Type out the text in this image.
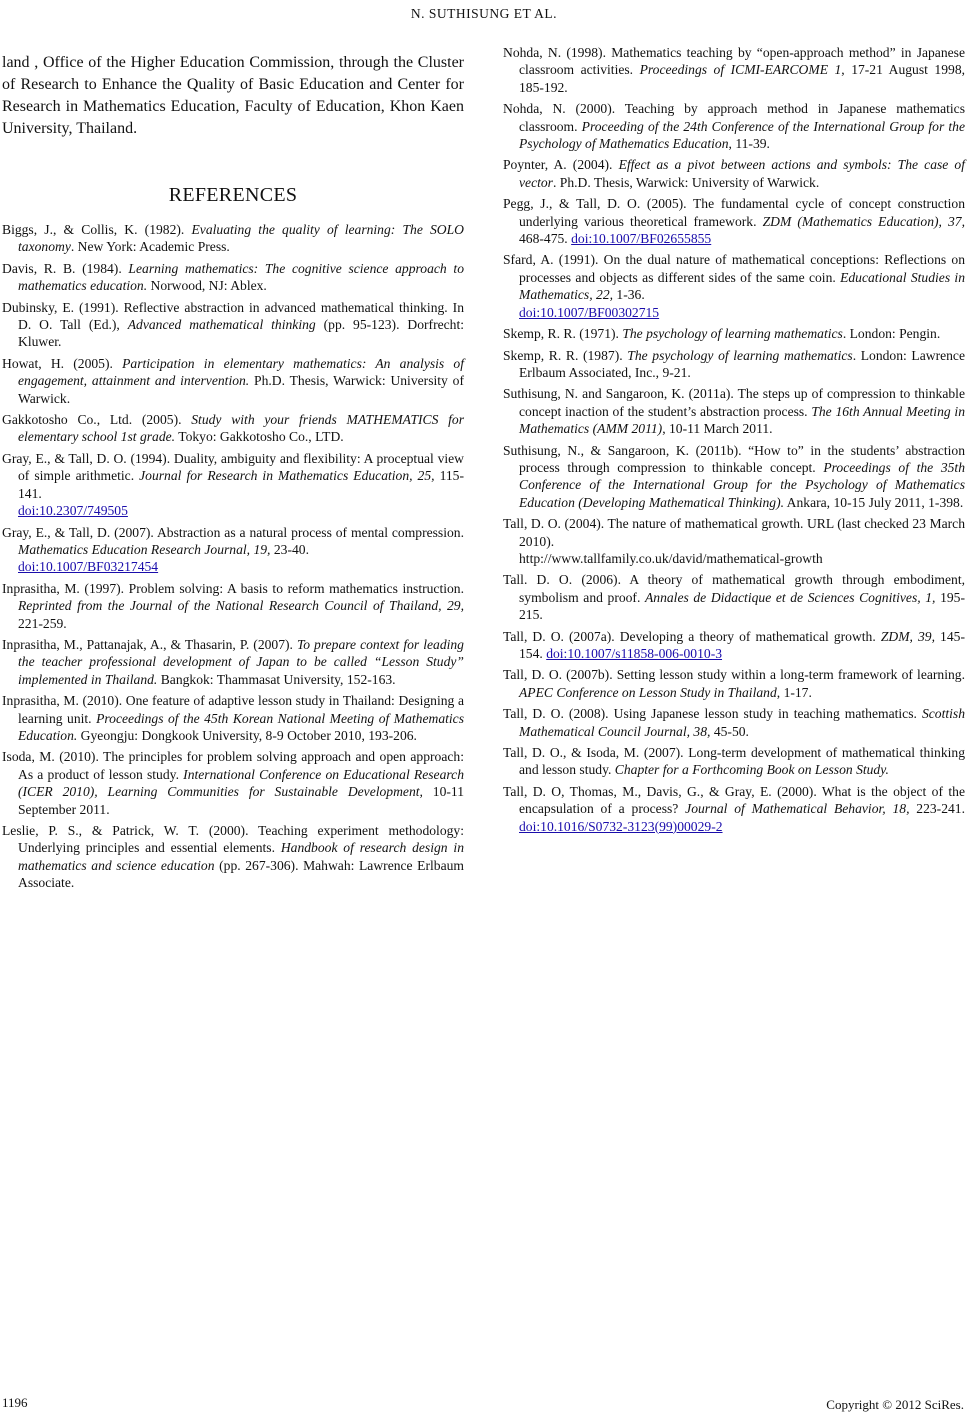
N. SUTHISUNG ET AL.

land , Office of the Higher Education Commission, through the Cluster of Research to Enhance the Quality of Basic Education and Center for Research in Mathematics Education, Faculty of Education, Khon Kaen University, Thailand.

REFERENCES

Biggs, J., & Collis, K. (1982). Evaluating the quality of learning: The SOLO taxonomy. New York: Academic Press.

Davis, R. B. (1984). Learning mathematics: The cognitive science approach to mathematics education. Norwood, NJ: Ablex.

Dubinsky, E. (1991). Reflective abstraction in advanced mathematical thinking. In D. O. Tall (Ed.), Advanced mathematical thinking (pp. 95-123). Dorfrecht: Kluwer.

Howat, H. (2005). Participation in elementary mathematics: An analysis of engagement, attainment and intervention. Ph.D. Thesis, Warwick: University of Warwick.

Gakkotosho Co., Ltd. (2005). Study with your friends MATHEMATICS for elementary school 1st grade. Tokyo: Gakkotosho Co., LTD.

Gray, E., & Tall, D. O. (1994). Duality, ambiguity and flexibility: A proceptual view of simple arithmetic. Journal for Research in Mathematics Education, 25, 115-141.
doi:10.2307/749505

Gray, E., & Tall, D. (2007). Abstraction as a natural process of mental compression. Mathematics Education Research Journal, 19, 23-40.
doi:10.1007/BF03217454

Inprasitha, M. (1997). Problem solving: A basis to reform mathematics instruction. Reprinted from the Journal of the National Research Council of Thailand, 29, 221-259.

Inprasitha, M., Pattanajak, A., & Thasarin, P. (2007). To prepare context for leading the teacher professional development of Japan to be called “Lesson Study” implemented in Thailand. Bangkok: Thammasat University, 152-163.

Inprasitha, M. (2010). One feature of adaptive lesson study in Thailand: Designing a learning unit. Proceedings of the 45th Korean National Meeting of Mathematics Education. Gyeongju: Dongkook University, 8-9 October 2010, 193-206.

Isoda, M. (2010). The principles for problem solving approach and open approach: As a product of lesson study. International Conference on Educational Research (ICER 2010), Learning Communities for Sustainable Development, 10-11 September 2011.

Leslie, P. S., & Patrick, W. T. (2000). Teaching experiment methodology: Underlying principles and essential elements. Handbook of research design in mathematics and science education (pp. 267-306). Mahwah: Lawrence Erlbaum Associate.

Nohda, N. (1998). Mathematics teaching by “open-approach method” in Japanese classroom activities. Proceedings of ICMI-EARCOME 1, 17-21 August 1998, 185-192.

Nohda, N. (2000). Teaching by approach method in Japanese mathematics classroom. Proceeding of the 24th Conference of the International Group for the Psychology of Mathematics Education, 11-39.

Poynter, A. (2004). Effect as a pivot between actions and symbols: The case of vector. Ph.D. Thesis, Warwick: University of Warwick.

Pegg, J., & Tall, D. O. (2005). The fundamental cycle of concept construction underlying various theoretical framework. ZDM (Mathematics Education), 37, 468-475. doi:10.1007/BF02655855

Sfard, A. (1991). On the dual nature of mathematical conceptions: Reflections on processes and objects as different sides of the same coin. Educational Studies in Mathematics, 22, 1-36.
doi:10.1007/BF00302715

Skemp, R. R. (1971). The psychology of learning mathematics. London: Pengin.

Skemp, R. R. (1987). The psychology of learning mathematics. London: Lawrence Erlbaum Associated, Inc., 9-21.

Suthisung, N. and Sangaroon, K. (2011a). The steps up of compression to thinkable concept inaction of the student’s abstraction process. The 16th Annual Meeting in Mathematics (AMM 2011), 10-11 March 2011.

Suthisung, N., & Sangaroon, K. (2011b). “How to” in the students’ abstraction process through compression to thinkable concept. Proceedings of the 35th Conference of the International Group for the Psychology of Mathematics Education (Developing Mathematical Thinking). Ankara, 10-15 July 2011, 1-398.

Tall, D. O. (2004). The nature of mathematical growth. URL (last checked 23 March 2010).
http://www.tallfamily.co.uk/david/mathematical-growth

Tall. D. O. (2006). A theory of mathematical growth through embodiment, symbolism and proof. Annales de Didactique et de Sciences Cognitives, 1, 195-215.

Tall, D. O. (2007a). Developing a theory of mathematical growth. ZDM, 39, 145-154. doi:10.1007/s11858-006-0010-3

Tall, D. O. (2007b). Setting lesson study within a long-term framework of learning. APEC Conference on Lesson Study in Thailand, 1-17.

Tall, D. O. (2008). Using Japanese lesson study in teaching mathematics. Scottish Mathematical Council Journal, 38, 45-50.

Tall, D. O., & Isoda, M. (2007). Long-term development of mathematical thinking and lesson study. Chapter for a Forthcoming Book on Lesson Study.

Tall, D. O, Thomas, M., Davis, G., & Gray, E. (2000). What is the object of the encapsulation of a process? Journal of Mathematical Behavior, 18, 223-241. doi:10.1016/S0732-3123(99)00029-2

1196	Copyright © 2012 SciRes.
